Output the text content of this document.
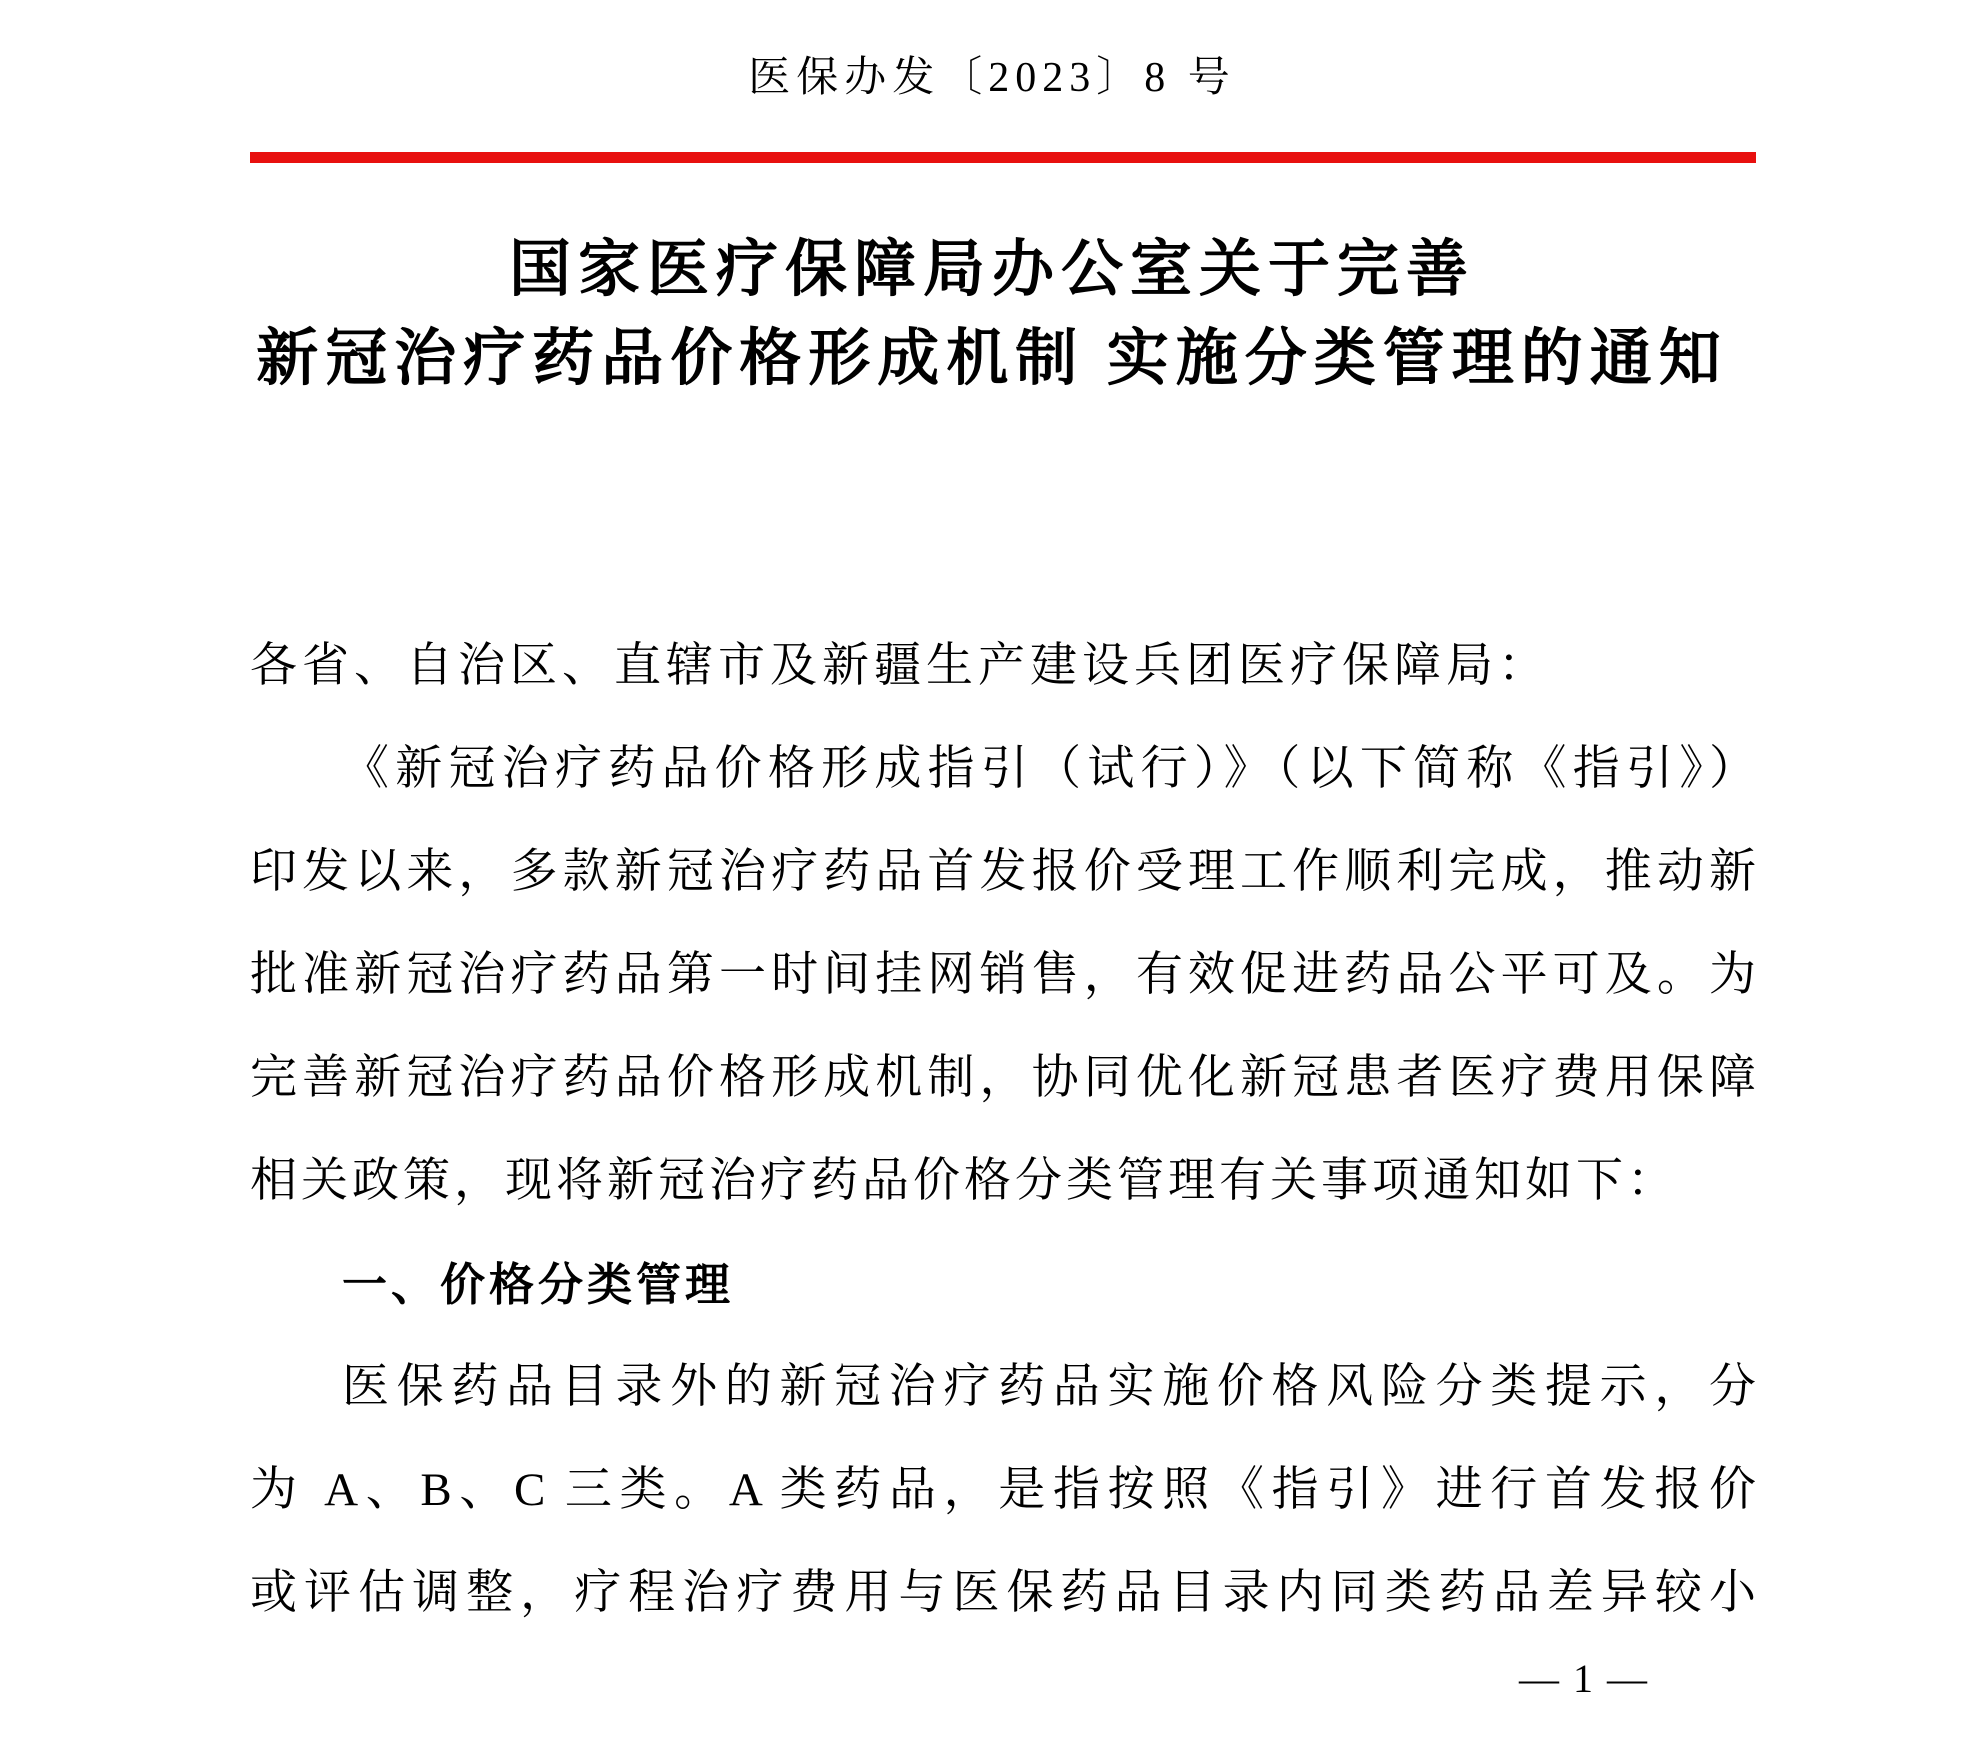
医保办发〔2023〕8 号
国家医疗保障局办公室关于完善
新冠治疗药品价格形成机制 实施分类管理的通知
各省、自治区、直辖市及新疆生产建设兵团医疗保障局：
《新冠治疗药品价格形成指引（试行）》（以下简称《指引》）
印发以来，多款新冠治疗药品首发报价受理工作顺利完成，推动新
批准新冠治疗药品第一时间挂网销售，有效促进药品公平可及。为
完善新冠治疗药品价格形成机制，协同优化新冠患者医疗费用保障
相关政策，现将新冠治疗药品价格分类管理有关事项通知如下：
一、价格分类管理
医保药品目录外的新冠治疗药品实施价格风险分类提示，分
为 A、B、C 三类。A 类药品，是指按照《指引》进行首发报价
或评估调整，疗程治疗费用与医保药品目录内同类药品差异较小
— 1 —
